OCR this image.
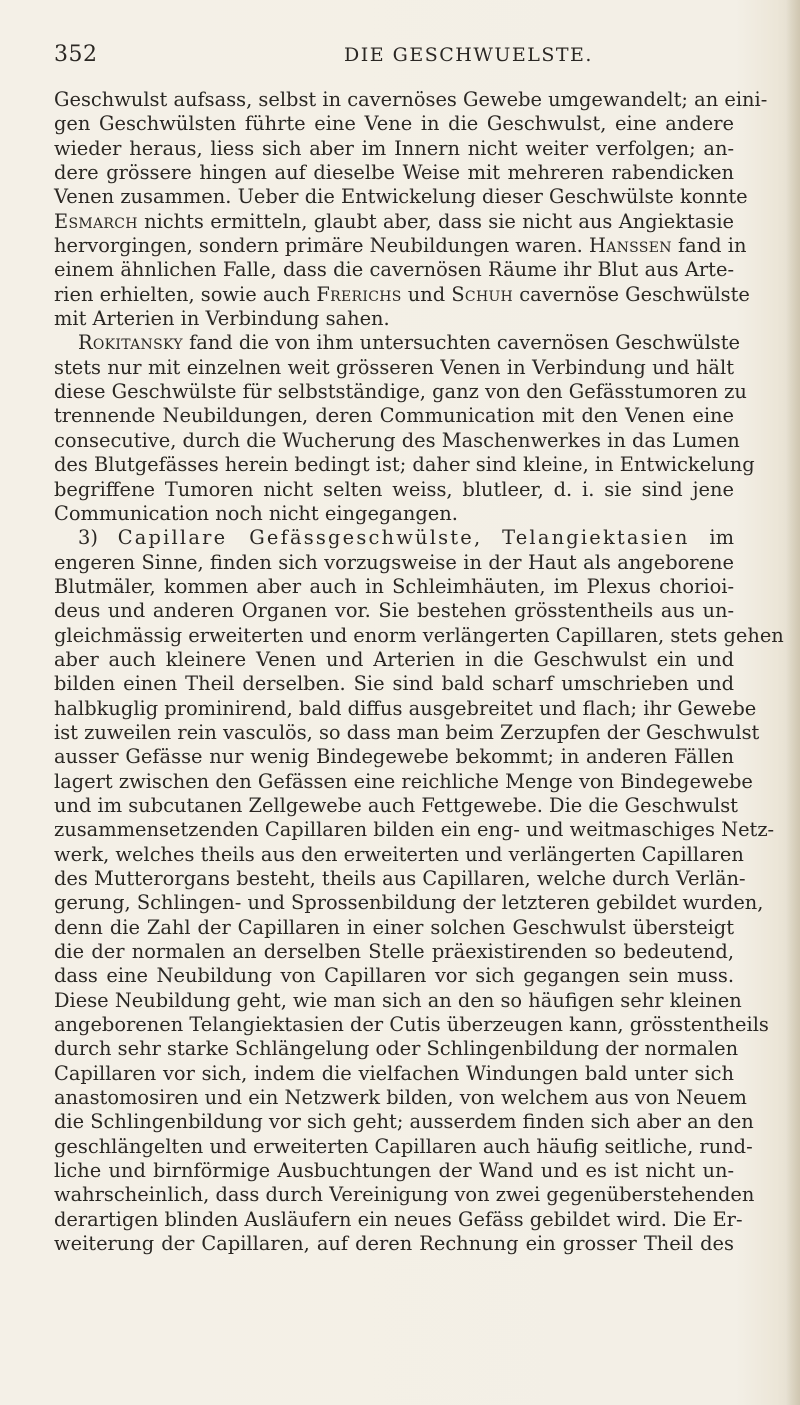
352	DIE GESCHWUELSTE.
Geschwulst aufsass, selbst in cavernöses Gewebe umgewandelt; an eini-
gen Geschwülsten führte eine Vene in die Geschwulst, eine andere
wieder heraus, liess sich aber im Innern nicht weiter verfolgen; an-
dere grössere hingen auf dieselbe Weise mit mehreren rabendicken
Venen zusammen. Ueber die Entwickelung dieser Geschwülste konnte
Esmarch nichts ermitteln, glaubt aber, dass sie nicht aus Angiektasie
hervorgingen, sondern primäre Neubildungen waren. Hanssen fand in
einem ähnlichen Falle, dass die cavernösen Räume ihr Blut aus Arte-
rien erhielten, sowie auch Frerichs und Schuh cavernöse Geschwülste
mit Arterien in Verbindung sahen.
Rokitansky fand die von ihm untersuchten cavernösen Geschwülste
stets nur mit einzelnen weit grösseren Venen in Verbindung und hält
diese Geschwülste für selbstständige, ganz von den Gefässtumoren zu
trennende Neubildungen, deren Communication mit den Venen eine
consecutive, durch die Wucherung des Maschenwerkes in das Lumen
des Blutgefässes herein bedingt ist; daher sind kleine, in Entwickelung
begriffene Tumoren nicht selten weiss, blutleer, d. i. sie sind jene
Communication noch nicht eingegangen.
3) Capillare Gefässgeschwülste, Telangiektasien im
engeren Sinne, finden sich vorzugsweise in der Haut als angeborene
Blutmäler, kommen aber auch in Schleimhäuten, im Plexus chorioi-
deus und anderen Organen vor. Sie bestehen grösstentheils aus un-
gleichmässig erweiterten und enorm verlängerten Capillaren, stets gehen
aber auch kleinere Venen und Arterien in die Geschwulst ein und
bilden einen Theil derselben. Sie sind bald scharf umschrieben und
halbkuglig prominirend, bald diffus ausgebreitet und flach; ihr Gewebe
ist zuweilen rein vasculös, so dass man beim Zerzupfen der Geschwulst
ausser Gefässe nur wenig Bindegewebe bekommt; in anderen Fällen
lagert zwischen den Gefässen eine reichliche Menge von Bindegewebe
und im subcutanen Zellgewebe auch Fettgewebe. Die die Geschwulst
zusammensetzenden Capillaren bilden ein eng- und weitmaschiges Netz-
werk, welches theils aus den erweiterten und verlängerten Capillaren
des Mutterorgans besteht, theils aus Capillaren, welche durch Verlän-
gerung, Schlingen- und Sprossenbildung der letzteren gebildet wurden,
denn die Zahl der Capillaren in einer solchen Geschwulst übersteigt
die der normalen an derselben Stelle präexistirenden so bedeutend,
dass eine Neubildung von Capillaren vor sich gegangen sein muss.
Diese Neubildung geht, wie man sich an den so häufigen sehr kleinen
angeborenen Telangiektasien der Cutis überzeugen kann, grösstentheils
durch sehr starke Schlängelung oder Schlingenbildung der normalen
Capillaren vor sich, indem die vielfachen Windungen bald unter sich
anastomosiren und ein Netzwerk bilden, von welchem aus von Neuem
die Schlingenbildung vor sich geht; ausserdem finden sich aber an den
geschlängelten und erweiterten Capillaren auch häufig seitliche, rund-
liche und birnförmige Ausbuchtungen der Wand und es ist nicht un-
wahrscheinlich, dass durch Vereinigung von zwei gegenüberstehenden
derartigen blinden Ausläufern ein neues Gefäss gebildet wird. Die Er-
weiterung der Capillaren, auf deren Rechnung ein grosser Theil des
